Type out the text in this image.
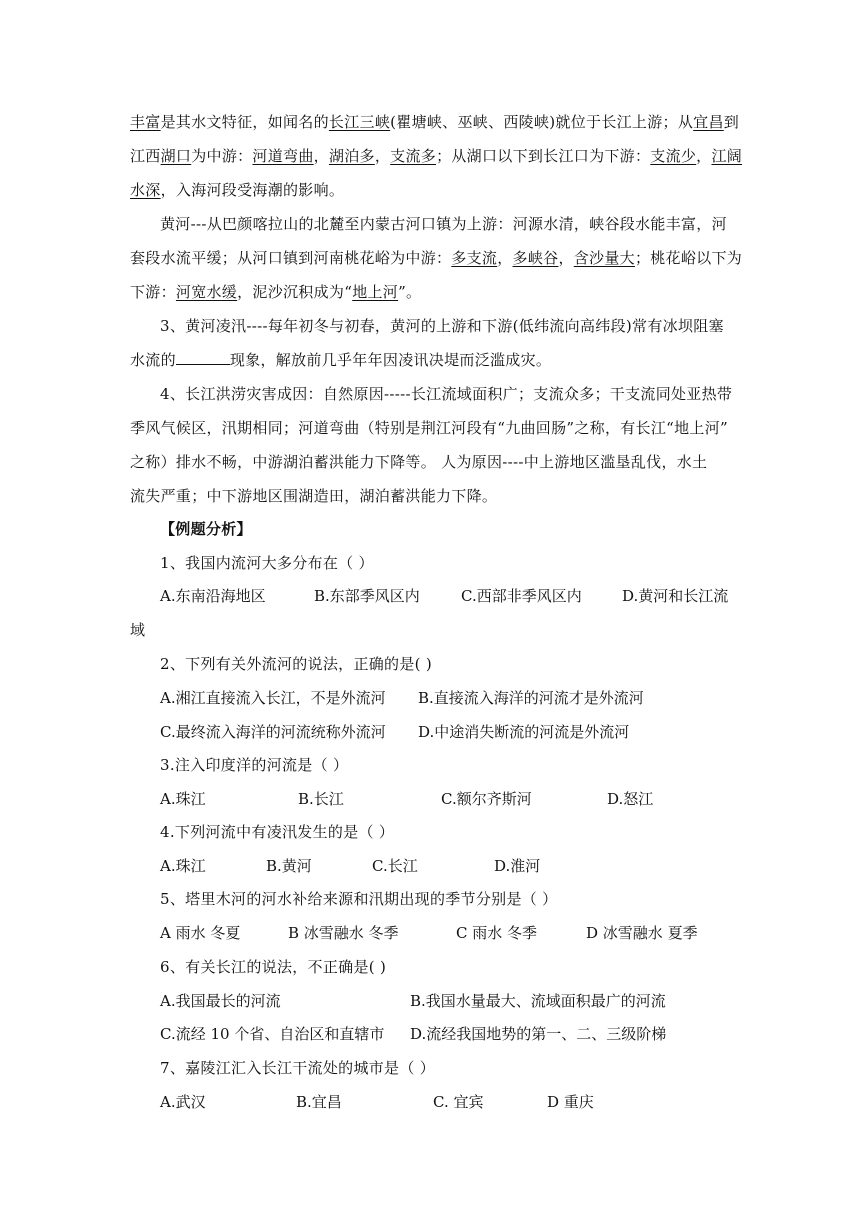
丰富是其水文特征，如闻名的长江三峡(瞿塘峡、巫峡、西陵峡)就位于长江上游；从宜昌到
江西湖口为中游：河道弯曲，湖泊多，支流多；从湖口以下到长江口为下游：支流少，江阔
水深，入海河段受海潮的影响。
黄河---从巴颜喀拉山的北麓至内蒙古河口镇为上游：河源水清，峡谷段水能丰富，河
套段水流平缓；从河口镇到河南桃花峪为中游：多支流，多峡谷，含沙量大；桃花峪以下为
下游：河宽水缓，泥沙沉积成为“地上河”。
3、黄河凌汛----每年初冬与初春，黄河的上游和下游(低纬流向高纬段)常有冰坝阻塞
水流的	现象，解放前几乎年年因凌讯决堤而泛滥成灾。
4、长江洪涝灾害成因：自然原因-----长江流域面积广；支流众多；干支流同处亚热带
季风气候区，汛期相同；河道弯曲（特别是荆江河段有“九曲回肠”之称，有长江“地上河”
之称）排水不畅，中游湖泊蓄洪能力下降等。 人为原因----中上游地区滥垦乱伐，水土
流失严重；中下游地区围湖造田，湖泊蓄洪能力下降。
【例题分析】
1、我国内流河大多分布在（ ）
A.东南沿海地区	B.东部季风区内	C.西部非季风区内	D.黄河和长江流
域
2、下列有关外流河的说法，正确的是( )
A.湘江直接流入长江，不是外流河 B.直接流入海洋的河流才是外流河
C.最终流入海洋的河流统称外流河 D.中途消失断流的河流是外流河
3.注入印度洋的河流是（ ）
A.珠江	B.长江	C.额尔齐斯河	D.怒江
4.下列河流中有凌汛发生的是（ ）
A.珠江	B.黄河	C.长江	D.淮河
5、塔里木河的河水补给来源和汛期出现的季节分别是（ ）
A 雨水 冬夏	B 冰雪融水 冬季	C 雨水 冬季	D 冰雪融水 夏季
6、有关长江的说法，不正确是( )
A.我国最长的河流	B.我国水量最大、流域面积最广的河流
C.流经 10 个省、自治区和直辖市 D.流经我国地势的第一、二、三级阶梯
7、嘉陵江汇入长江干流处的城市是（ ）
A.武汉	B.宜昌	C. 宜宾	D 重庆
